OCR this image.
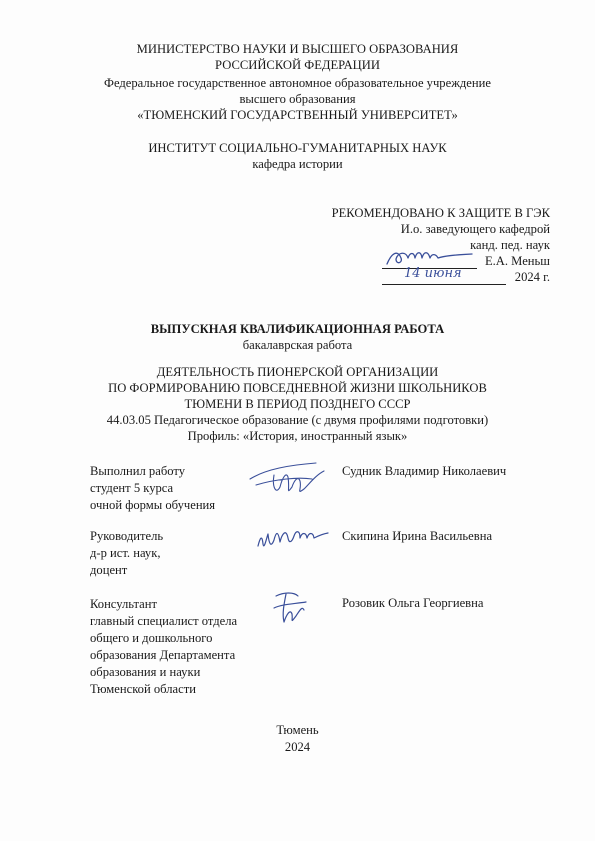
МИНИСТЕРСТВО НАУКИ И ВЫСШЕГО ОБРАЗОВАНИЯ
РОССИЙСКОЙ ФЕДЕРАЦИИ
Федеральное государственное автономное образовательное учреждение
высшего образования
«ТЮМЕНСКИЙ ГОСУДАРСТВЕННЫЙ УНИВЕРСИТЕТ»
ИНСТИТУТ СОЦИАЛЬНО-ГУМАНИТАРНЫХ НАУК
кафедра истории
РЕКОМЕНДОВАНО К ЗАЩИТЕ В ГЭК
И.о. заведующего кафедрой
канд. пед. наук
Е.А. Меньш
2024 г.
14 июня
ВЫПУСКНАЯ КВАЛИФИКАЦИОННАЯ РАБОТА
бакалаврская работа
ДЕЯТЕЛЬНОСТЬ ПИОНЕРСКОЙ ОРГАНИЗАЦИИ
ПО ФОРМИРОВАНИЮ ПОВСЕДНЕВНОЙ ЖИЗНИ ШКОЛЬНИКОВ
ТЮМЕНИ В ПЕРИОД ПОЗДНЕГО СССР
44.03.05 Педагогическое образование (с двумя профилями подготовки)
Профиль: «История, иностранный язык»
Выполнил работу
студент 5 курса
очной формы обучения
Судник Владимир Николаевич
Руководитель
д-р ист. наук,
доцент
Скипина Ирина Васильевна
Консультант
главный специалист отдела
общего и дошкольного
образования Департамента
образования и науки
Тюменской области
Розовик Ольга Георгиевна
Тюмень
2024
